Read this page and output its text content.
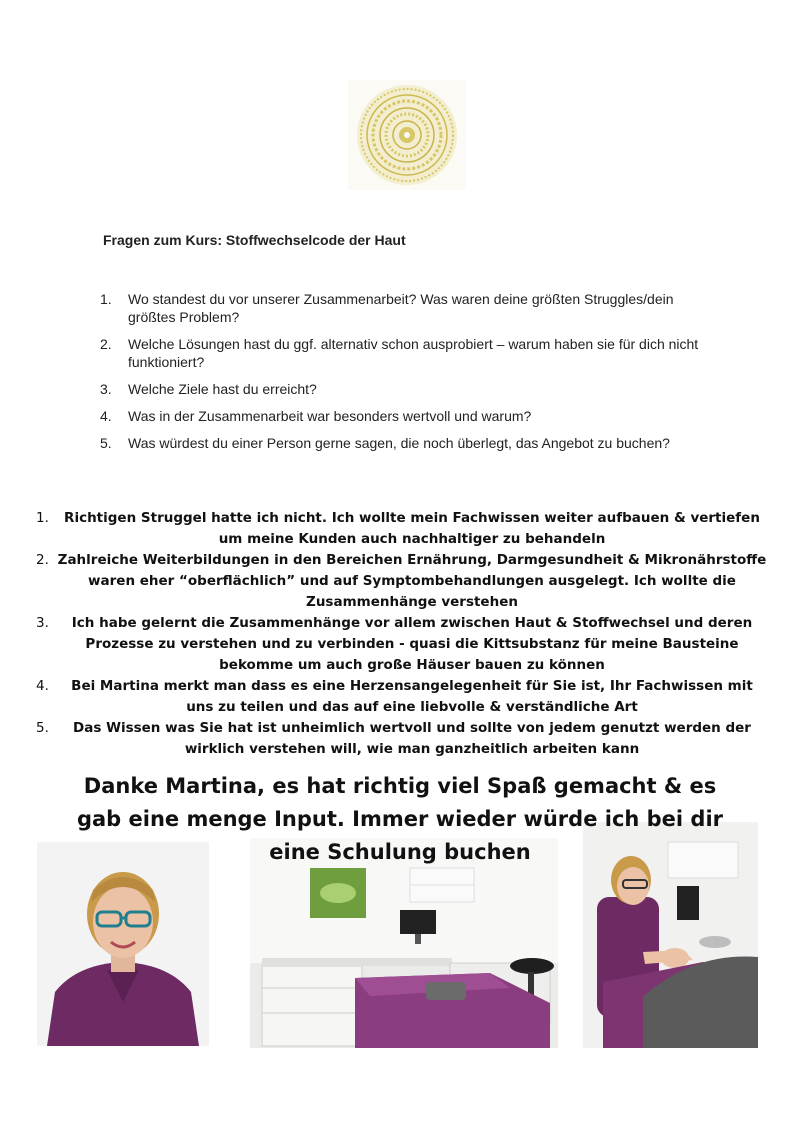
Fragen zum Kurs: Stoffwechselcode der Haut
1.	Wo standest du vor unserer Zusammenarbeit? Was waren deine größten Struggles/dein größtes Problem?
2.	Welche Lösungen hast du ggf. alternativ schon ausprobiert – warum haben sie für dich nicht funktioniert?
3.	Welche Ziele hast du erreicht?
4.	Was in der Zusammenarbeit war besonders wertvoll und warum?
5.	Was würdest du einer Person gerne sagen, die noch überlegt, das Angebot zu buchen?
1.	Richtigen Struggel hatte ich nicht. Ich wollte mein Fachwissen weiter aufbauen & vertiefen um meine Kunden auch nachhaltiger zu behandeln
2. Zahlreiche Weiterbildungen in den Bereichen Ernährung, Darmgesundheit & Mikronährstoffe waren eher “oberflächlich” und auf Symptombehandlungen ausgelegt. Ich wollte die Zusammenhänge verstehen
3.	Ich habe gelernt die Zusammenhänge vor allem zwischen Haut & Stoffwechsel und deren Prozesse zu verstehen und zu verbinden - quasi die Kittsubstanz für meine Bausteine bekomme um auch große Häuser bauen zu können
4.	Bei Martina merkt man dass es eine Herzensangelegenheit für Sie ist, Ihr Fachwissen mit uns zu teilen und das auf eine liebvolle & verständliche Art
5.	Das Wissen was Sie hat ist unheimlich wertvoll und sollte von jedem genutzt werden der wirklich verstehen will, wie man ganzheitlich arbeiten kann
Danke Martina, es hat richtig viel Spaß gemacht & es gab eine menge Input. Immer wieder würde ich bei dir eine Schulung buchen
